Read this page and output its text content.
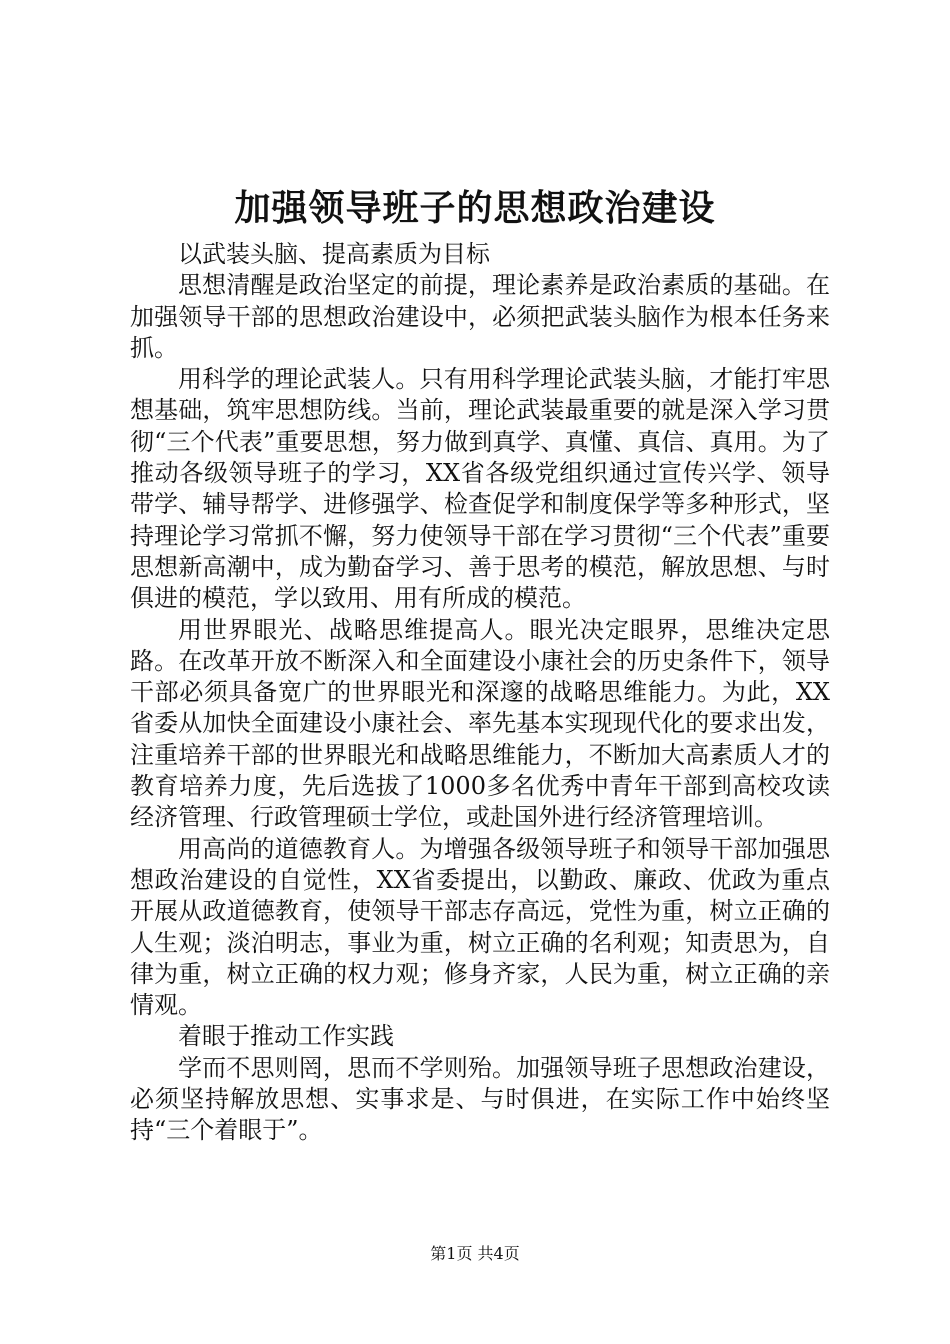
加强领导班子的思想政治建设

以武装头脑、提高素质为目标

思想清醒是政治坚定的前提，理论素养是政治素质的基础。在加强领导干部的思想政治建设中，必须把武装头脑作为根本任务来抓。

用科学的理论武装人。只有用科学理论武装头脑，才能打牢思想基础，筑牢思想防线。当前，理论武装最重要的就是深入学习贯彻“三个代表”重要思想，努力做到真学、真懂、真信、真用。为了推动各级领导班子的学习，XX省各级党组织通过宣传兴学、领导带学、辅导帮学、进修强学、检查促学和制度保学等多种形式，坚持理论学习常抓不懈，努力使领导干部在学习贯彻“三个代表”重要思想新高潮中，成为勤奋学习、善于思考的模范，解放思想、与时俱进的模范，学以致用、用有所成的模范。

用世界眼光、战略思维提高人。眼光决定眼界，思维决定思路。在改革开放不断深入和全面建设小康社会的历史条件下，领导干部必须具备宽广的世界眼光和深邃的战略思维能力。为此，XX省委从加快全面建设小康社会、率先基本实现现代化的要求出发，注重培养干部的世界眼光和战略思维能力，不断加大高素质人才的教育培养力度，先后选拔了1000多名优秀中青年干部到高校攻读经济管理、行政管理硕士学位，或赴国外进行经济管理培训。

用高尚的道德教育人。为增强各级领导班子和领导干部加强思想政治建设的自觉性，XX省委提出，以勤政、廉政、优政为重点开展从政道德教育，使领导干部志存高远，党性为重，树立正确的人生观；淡泊明志，事业为重，树立正确的名利观；知责思为，自律为重，树立正确的权力观；修身齐家，人民为重，树立正确的亲情观。

着眼于推动工作实践

学而不思则罔，思而不学则殆。加强领导班子思想政治建设，必须坚持解放思想、实事求是、与时俱进，在实际工作中始终坚持“三个着眼于”。

第1页 共4页
